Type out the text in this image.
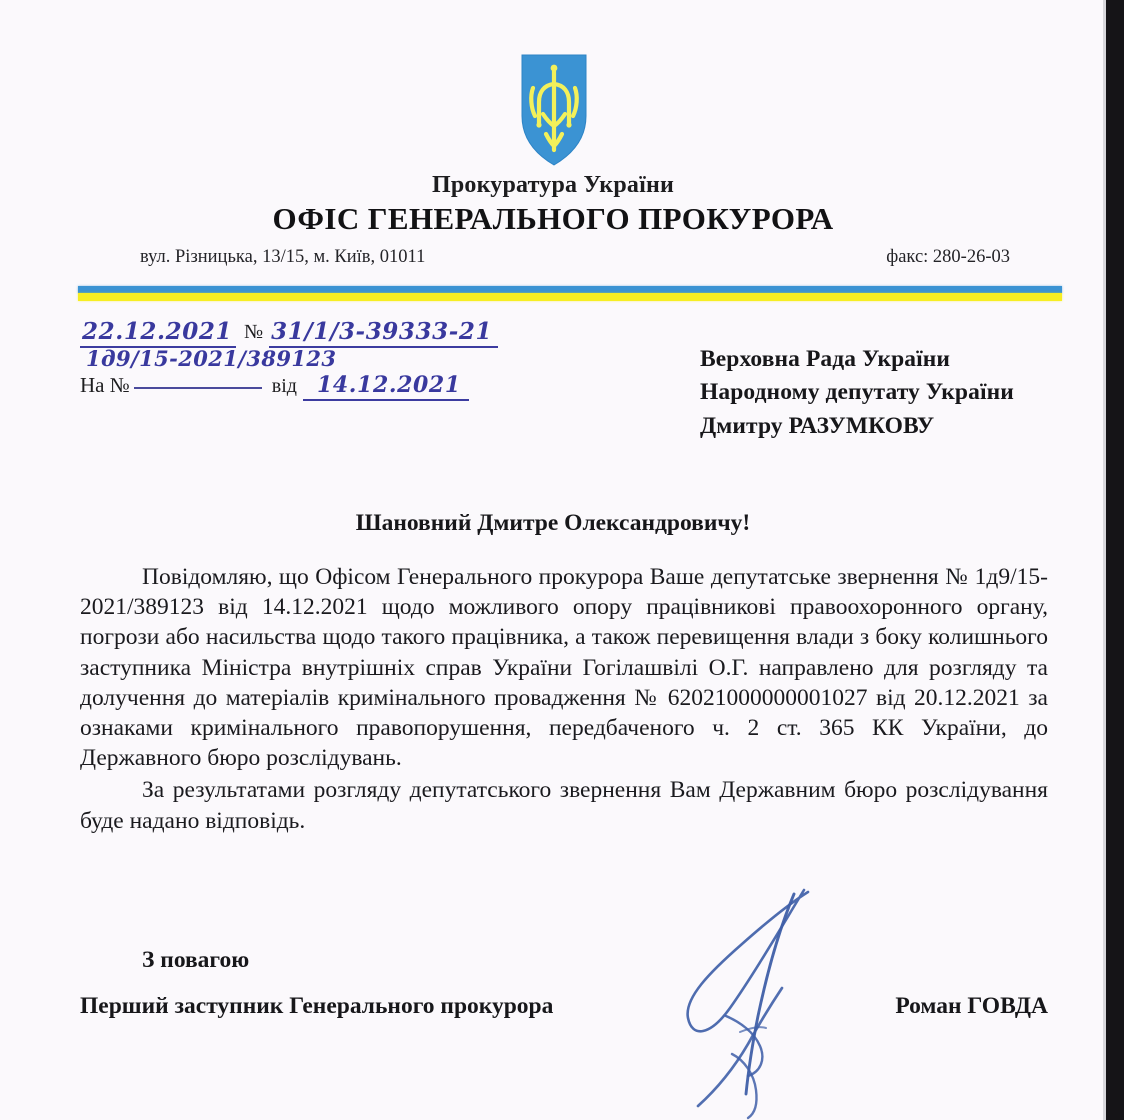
Прокуратура України
ОФІС ГЕНЕРАЛЬНОГО ПРОКУРОРА
вул. Різницька, 13/15, м. Київ, 01011	факс: 280-26-03
22.12.2021 № 31/1/3-39333-21
1д9/15-2021/389123
На №	від 14.12.2021
Верховна Рада України
Народному депутату України
Дмитру РАЗУМКОВУ
Шановний Дмитре Олександровичу!

Повідомляю, що Офісом Генерального прокурора Ваше депутатське звернення № 1д9/15-2021/389123 від 14.12.2021 щодо можливого опору працівникові правоохоронного органу, погрози або насильства щодо такого працівника, а також перевищення влади з боку колишнього заступника Міністра внутрішніх справ України Гогілашвілі О.Г. направлено для розгляду та долучення до матеріалів кримінального провадження № 62021000000001027 від 20.12.2021 за ознаками кримінального правопорушення, передбаченого ч. 2 ст. 365 КК України, до Державного бюро розслідувань.

За результатами розгляду депутатського звернення Вам Державним бюро розслідування буде надано відповідь.

З повагою
Перший заступник Генерального прокурора	Роман ГОВДА
